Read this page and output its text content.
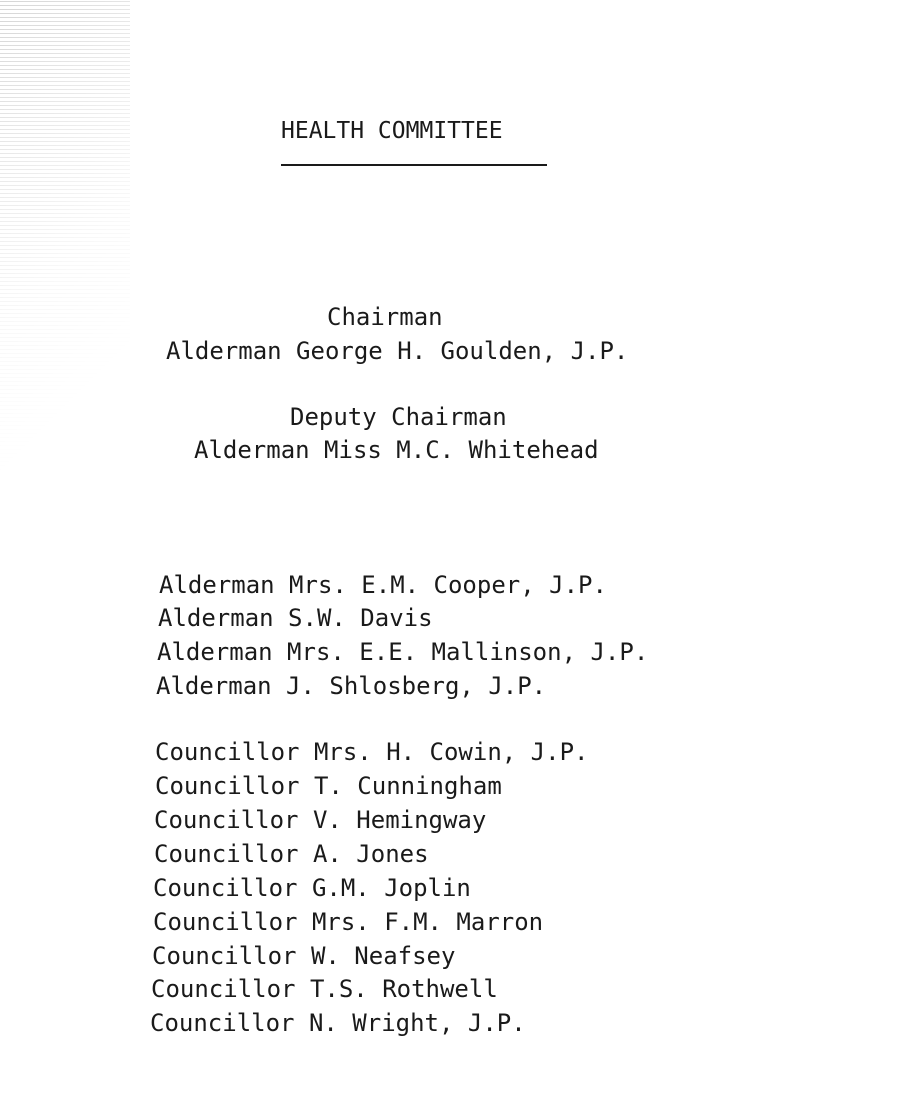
HEALTH COMMITTEE
Chairman
Alderman George H. Goulden, J.P.
Deputy Chairman
Alderman Miss M.C. Whitehead
Alderman Mrs. E.M. Cooper, J.P.
Alderman S.W. Davis
Alderman Mrs. E.E. Mallinson, J.P.
Alderman J. Shlosberg, J.P.
Councillor Mrs. H. Cowin, J.P.
Councillor T. Cunningham
Councillor V. Hemingway
Councillor A. Jones
Councillor G.M. Joplin
Councillor Mrs. F.M. Marron
Councillor W. Neafsey
Councillor T.S. Rothwell
Councillor N. Wright, J.P.
